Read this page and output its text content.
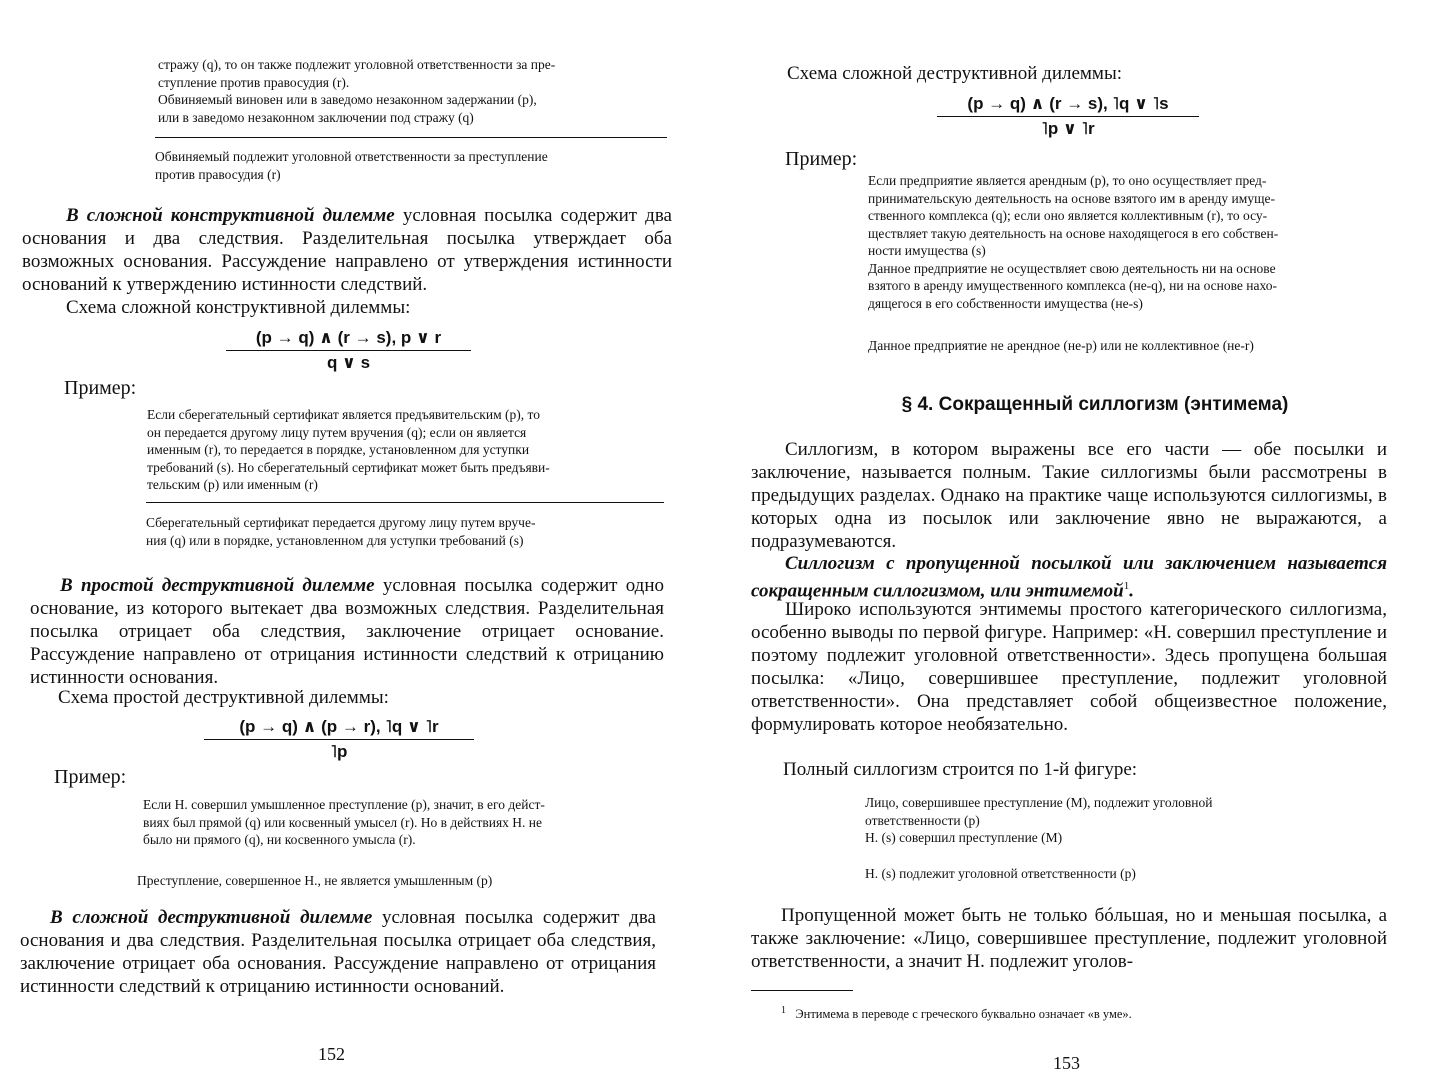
стражу (q), то он также подлежит уголовной ответственности за пре-
ступление против правосудия (r).
Обвиняемый виновен или в заведомо незаконном задержании (p),
или в заведомо незаконном заключении под стражу (q)
Обвиняемый подлежит уголовной ответственности за преступление
против правосудия (r)
В сложной конструктивной дилемме условная посылка содержит два основания и два следствия. Разделительная посылка утверждает оба возможных основания. Рассуждение направлено от утверждения истинности оснований к утверждению истинности следствий.
Схема сложной конструктивной дилеммы:
$\frac{(p \to q) \wedge (r \to s), p \vee r}{q \vee s}$
Пример:
Если сберегательный сертификат является предъявительским (p), то
он передается другому лицу путем вручения (q); если он является
именным (r), то передается в порядке, установленном для уступки
требований (s). Но сберегательный сертификат может быть предъяви-
тельским (p) или именным (r)
Сберегательный сертификат передается другому лицу путем вруче-
ния (q) или в порядке, установленном для уступки требований (s)
В простой деструктивной дилемме условная посылка содержит одно основание, из которого вытекает два возможных следствия. Разделительная посылка отрицает оба следствия, заключение отрицает основание. Рассуждение направлено от отрицания истинности следствий к отрицанию истинности основания.
Схема простой деструктивной дилеммы:
$\frac{(p \to q) \wedge (p \to r), ˥q \vee ˥r}{˥p}$
Пример:
Если Н. совершил умышленное преступление (p), значит, в его дейст-
виях был прямой (q) или косвенный умысел (r). Но в действиях Н. не
было ни прямого (q), ни косвенного умысла (r).
Преступление, совершенное Н., не является умышленным (p)
В сложной деструктивной дилемме условная посылка содержит два основания и два следствия. Разделительная посылка отрицает оба следствия, заключение отрицает оба основания. Рассуждение направлено от отрицания истинности следствий к отрицанию истинности оснований.
152
Схема сложной деструктивной дилеммы:
$\frac{(p \to q) \wedge (r \to s), ˥q \vee ˥s}{˥p \vee ˥r}$
Пример:
Если предприятие является арендным (p), то оно осуществляет пред-
принимательскую деятельность на основе взятого им в аренду имуще-
ственного комплекса (q); если оно является коллективным (r), то осу-
ществляет такую деятельность на основе находящегося в его собствен-
ности имущества (s)
Данное предприятие не осуществляет свою деятельность ни на основе
взятого в аренду имущественного комплекса (не-q), ни на основе нахо-
дящегося в его собственности имущества (не-s)
Данное предприятие не арендное (не-p) или не коллективное (не-r)
§ 4. Сокращенный силлогизм (энтимема)
Силлогизм, в котором выражены все его части — обе посылки и заключение, называется полным. Такие силлогизмы были рассмотрены в предыдущих разделах. Однако на практике чаще используются силлогизмы, в которых одна из посылок или заключение явно не выражаются, а подразумеваются.
Силлогизм с пропущенной посылкой или заключением называется сокращенным силлогизмом, или энтимемой$^1$.
Широко используются энтимемы простого категорического силлогизма, особенно выводы по первой фигуре. Например: «Н. совершил преступление и поэтому подлежит уголовной ответственности». Здесь пропущена большая посылка: «Лицо, совершившее преступление, подлежит уголовной ответственности». Она представляет собой общеизвестное положение, формулировать которое необязательно.
Полный силлогизм строится по 1-й фигуре:
Лицо, совершившее преступление (M), подлежит уголовной
ответственности (p)
Н. (s) совершил преступление (M)
Н. (s) подлежит уголовной ответственности (p)
Пропущенной может быть не только бóльшая, но и меньшая посылка, а также заключение: «Лицо, совершившее преступление, подлежит уголовной ответственности, а значит Н. подлежит уголов-
$^1$ Энтимема в переводе с греческого буквально означает «в уме».
153
